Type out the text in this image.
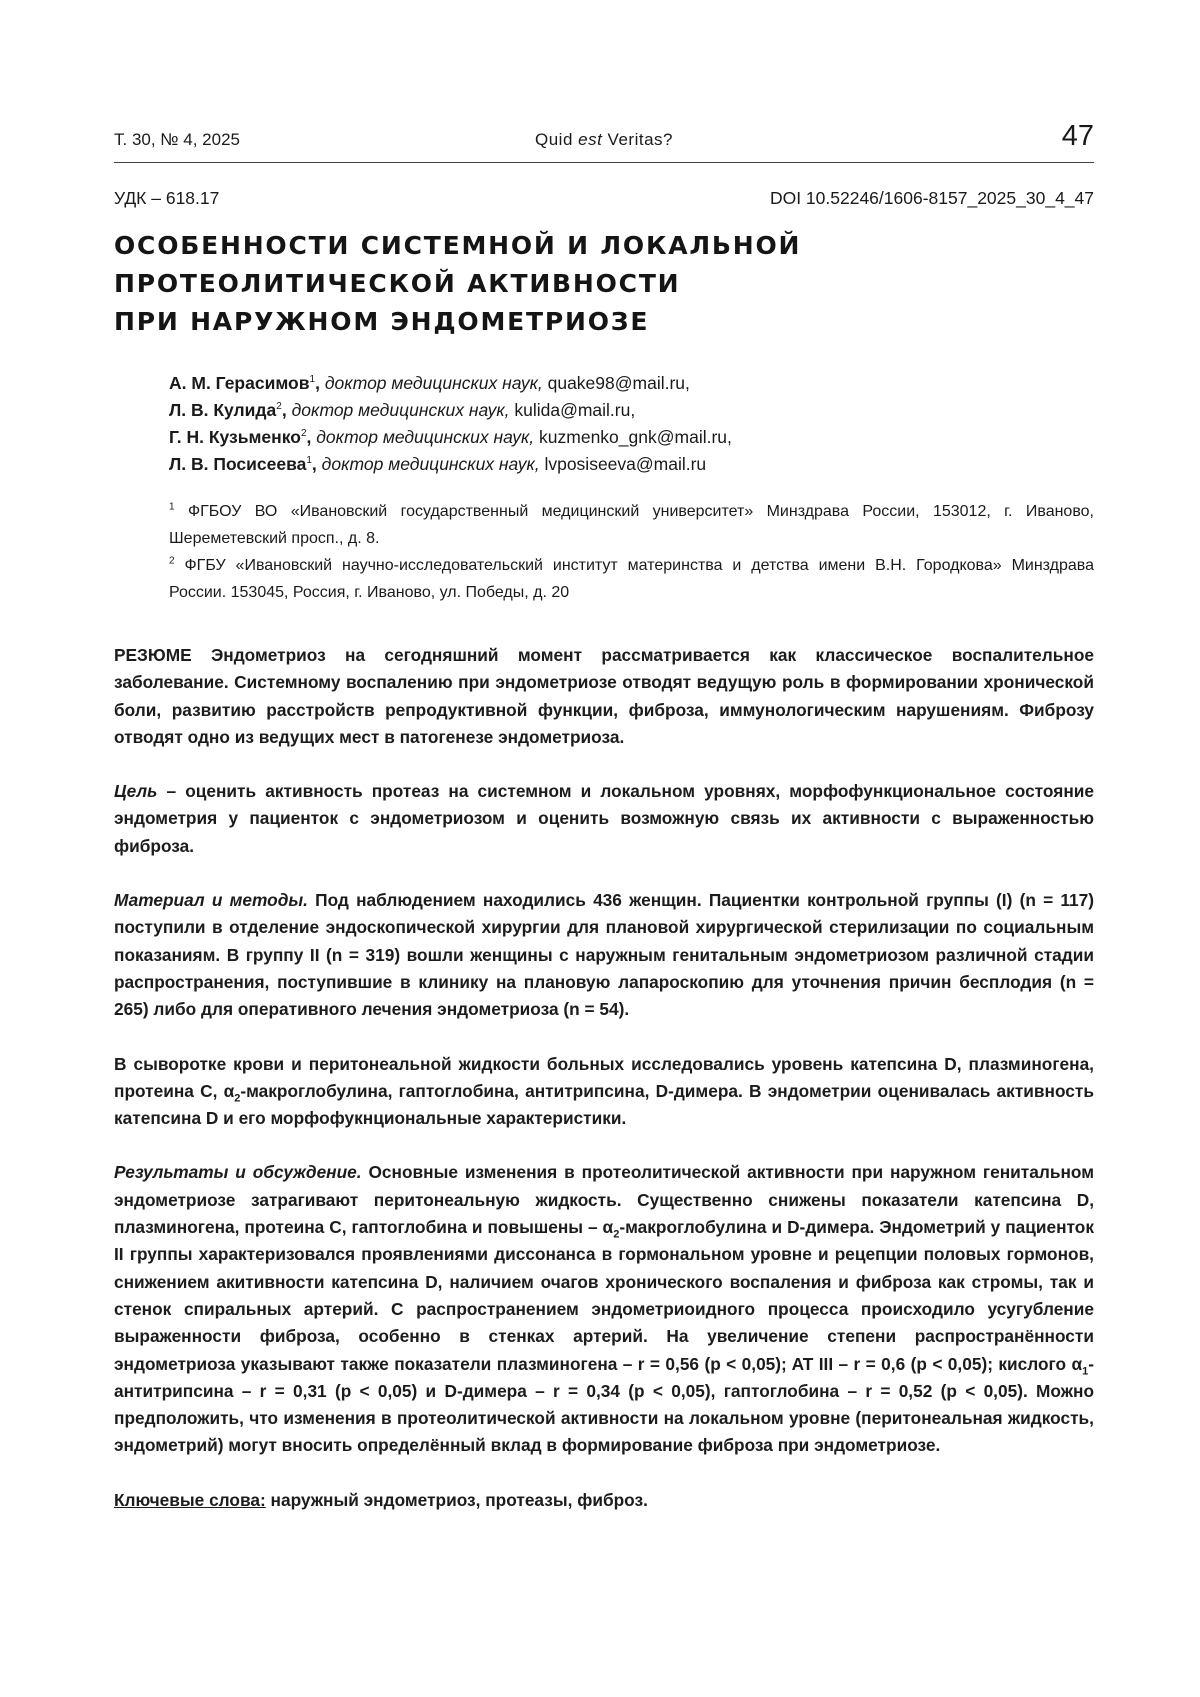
Т. 30, № 4, 2025	Quid est Veritas?	47
УДК – 618.17	DOI 10.52246/1606-8157_2025_30_4_47
ОСОБЕННОСТИ СИСТЕМНОЙ И ЛОКАЛЬНОЙ
ПРОТЕОЛИТИЧЕСКОЙ АКТИВНОСТИ
ПРИ НАРУЖНОМ ЭНДОМЕТРИОЗЕ
А. М. Герасимов$^1$, доктор медицинских наук, quake98@mail.ru,
Л. В. Кулида$^2$, доктор медицинских наук, kulida@mail.ru,
Г. Н. Кузьменко$^2$, доктор медицинских наук, kuzmenko_gnk@mail.ru,
Л. В. Посисеева$^1$, доктор медицинских наук, lvposiseeva@mail.ru
$^1$ ФГБОУ ВО «Ивановский государственный медицинский университет» Минздрава России, 153012, г. Иваново, Шереметевский просп., д. 8.
$^2$ ФГБУ «Ивановский научно-исследовательский институт материнства и детства имени В.Н. Городкова» Минздрава России. 153045, Россия, г. Иваново, ул. Победы, д. 20

РЕЗЮМЕ Эндометриоз на сегодняшний момент рассматривается как классическое воспалительное заболевание. Системному воспалению при эндометриозе отводят ведущую роль в формировании хронической боли, развитию расстройств репродуктивной функции, фиброза, иммунологическим нарушениям. Фиброзу отводят одно из ведущих мест в патогенезе эндометриоза.

Цель – оценить активность протеаз на системном и локальном уровнях, морфофункциональное состояние эндометрия у пациенток с эндометриозом и оценить возможную связь их активности с выраженностью фиброза.

Материал и методы. Под наблюдением находились 436 женщин. Пациентки контрольной группы (I) (n = 117) поступили в отделение эндоскопической хирургии для плановой хирургической стерилизации по социальным показаниям. В группу II (n = 319) вошли женщины с наружным генитальным эндометриозом различной стадии распространения, поступившие в клинику на плановую лапароскопию для уточнения причин бесплодия (n = 265) либо для оперативного лечения эндометриоза (n = 54).

В сыворотке крови и перитонеальной жидкости больных исследовались уровень катепсина D, плазминогена, протеина С, $\alpha_2$-макроглобулина, гаптоглобина, антитрипсина, D-димера. В эндометрии оценивалась активность катепсина D и его морфофукнциональные характеристики.

Результаты и обсуждение. Основные изменения в протеолитической активности при наружном генитальном эндометриозе затрагивают перитонеальную жидкость. Существенно снижены показатели катепсина D, плазминогена, протеина С, гаптоглобина и повышены – $\alpha_2$-макроглобулина и D-димера. Эндометрий у пациенток II группы характеризовался проявлениями диссонанса в гормональном уровне и рецепции половых гормонов, снижением акитивности катепсина D, наличием очагов хронического воспаления и фиброза как стромы, так и стенок спиральных артерий. С распространением эндометриоидного процесса происходило усугубление выраженности фиброза, особенно в стенках артерий. На увеличение степени распространённости эндометриоза указывают также показатели плазминогена – r = 0,56 (p < 0,05); AT III – r = 0,6 (p < 0,05); кислого $\alpha_1$-антитрипсина – r = 0,31 (p < 0,05) и D-димера – r = 0,34 (p < 0,05), гаптоглобина – r = 0,52 (p < 0,05). Можно предположить, что изменения в протеолитической активности на локальном уровне (перитонеальная жидкость, эндометрий) могут вносить определённый вклад в формирование фиброза при эндометриозе.

Ключевые слова: наружный эндометриоз, протеазы, фиброз.
